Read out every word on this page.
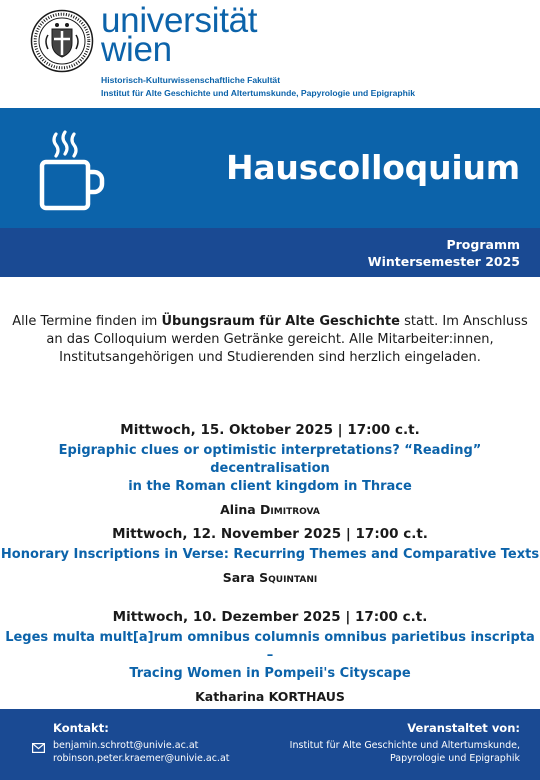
universität
wien
Historisch-Kulturwissenschaftliche Fakultät
Institut für Alte Geschichte und Altertumskunde, Papyrologie und Epigraphik
Hauscolloquium
Programm
Wintersemester 2025
Alle Termine finden im Übungsraum für Alte Geschichte statt. Im Anschluss
an das Colloquium werden Getränke gereicht. Alle Mitarbeiter:innen,
Institutsangehörigen und Studierenden sind herzlich eingeladen.
Mittwoch, 15. Oktober 2025 | 17:00 c.t.
Epigraphic clues or optimistic interpretations? “Reading” decentralisation
in the Roman client kingdom in Thrace
Alina Dimitrova
Mittwoch, 12. November 2025 | 17:00 c.t.
Honorary Inscriptions in Verse: Recurring Themes and Comparative Texts
Sara Squintani
Mittwoch, 10. Dezember 2025 | 17:00 c.t.
Leges multa mult[a]rum omnibus columnis omnibus parietibus inscripta –
Tracing Women in Pompeii's Cityscape
Katharina KORTHAUS
Kontakt:
benjamin.schrott@univie.ac.at
robinson.peter.kraemer@univie.ac.at
Veranstaltet von:
Institut für Alte Geschichte und Altertumskunde,
Papyrologie und Epigraphik
